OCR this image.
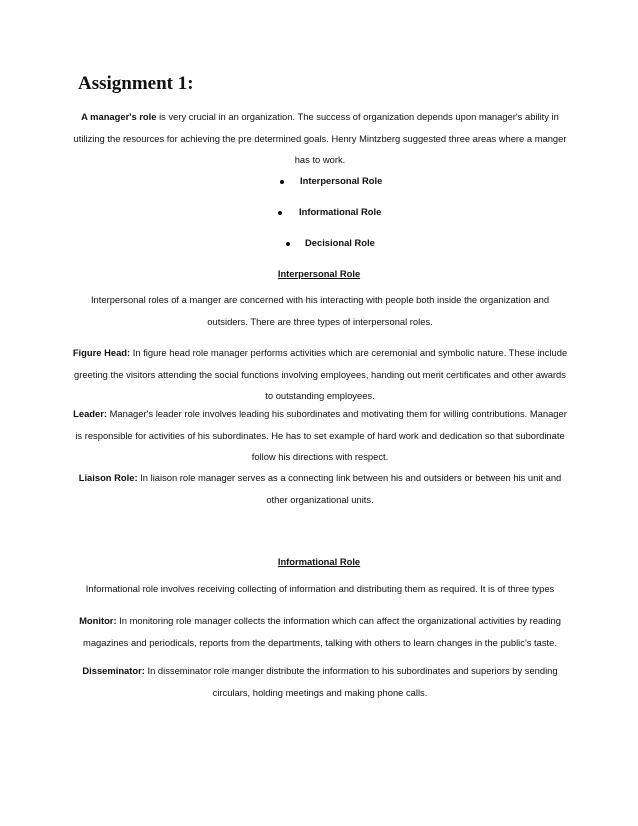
Assignment 1:

A manager's role is very crucial in an organization. The success of organization depends upon manager's ability in utilizing the resources for achieving the pre determined goals. Henry Mintzberg suggested three areas where a manger has to work.

Interpersonal Role
Informational Role
Decisional Role
Interpersonal Role

Interpersonal roles of a manger are concerned with his interacting with people both inside the organization and outsiders. There are three types of interpersonal roles.

Figure Head: In figure head role manager performs activities which are ceremonial and symbolic nature. These include greeting the visitors attending the social functions involving employees, handing out merit certificates and other awards to outstanding employees.

Leader: Manager's leader role involves leading his subordinates and motivating them for willing contributions. Manager is responsible for activities of his subordinates. He has to set example of hard work and dedication so that subordinate follow his directions with respect.

Liaison Role: In liaison role manager serves as a connecting link between his and outsiders or between his unit and other organizational units.

Informational Role

Informational role involves receiving collecting of information and distributing them as required. It is of three types

Monitor: In monitoring role manager collects the information which can affect the organizational activities by reading magazines and periodicals, reports from the departments, talking with others to learn changes in the public's taste.

Disseminator: In disseminator role manger distribute the information to his subordinates and superiors by sending circulars, holding meetings and making phone calls.
